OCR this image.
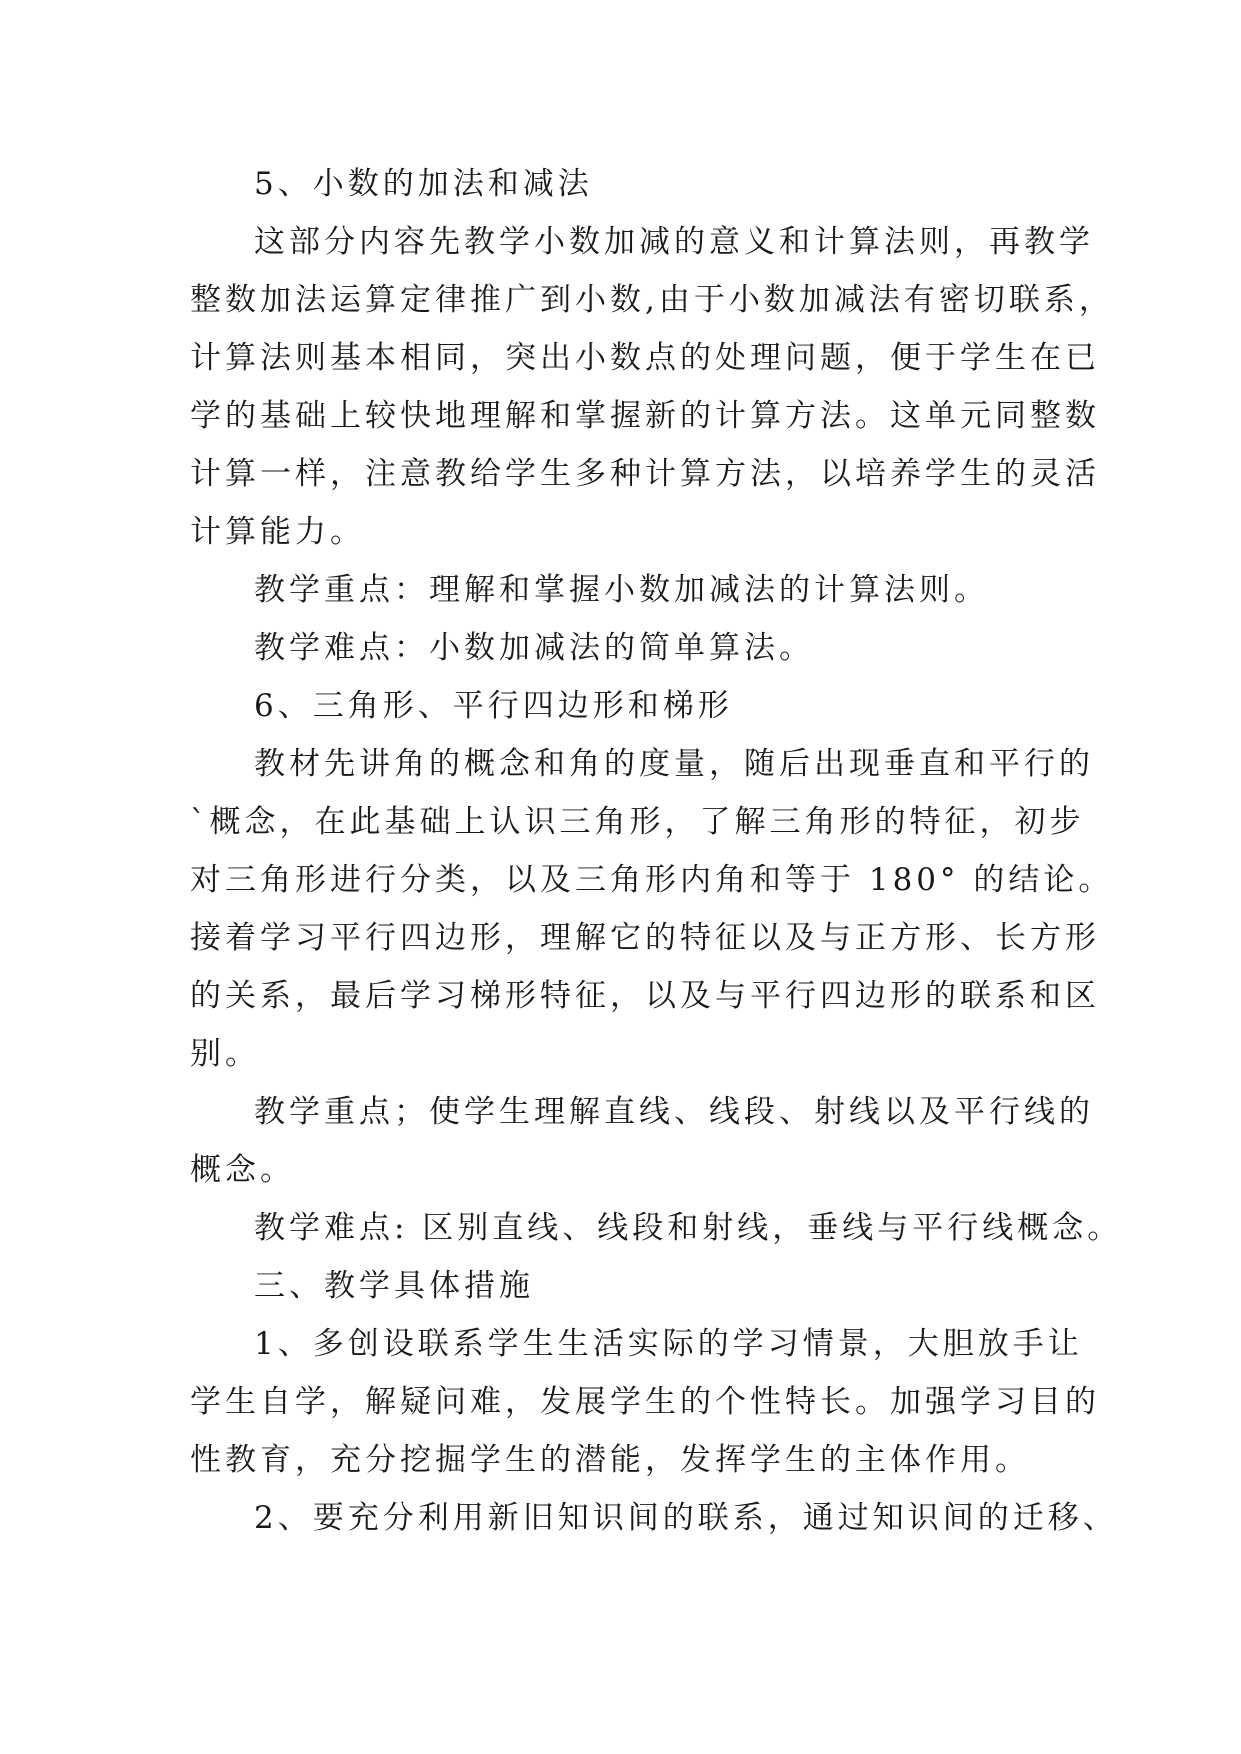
5、小数的加法和减法
这部分内容先教学小数加减的意义和计算法则，再教学
整数加法运算定律推广到小数,由于小数加减法有密切联系，
计算法则基本相同，突出小数点的处理问题，便于学生在已
学的基础上较快地理解和掌握新的计算方法。这单元同整数
计算一样，注意教给学生多种计算方法，以培养学生的灵活
计算能力。
教学重点：理解和掌握小数加减法的计算法则。
教学难点：小数加减法的简单算法。
6、三角形、平行四边形和梯形
教材先讲角的概念和角的度量，随后出现垂直和平行的
`概念，在此基础上认识三角形，了解三角形的特征，初步
对三角形进行分类，以及三角形内角和等于 180° 的结论。
接着学习平行四边形，理解它的特征以及与正方形、长方形
的关系，最后学习梯形特征，以及与平行四边形的联系和区
别。
教学重点；使学生理解直线、线段、射线以及平行线的
概念。
教学难点: 区别直线、线段和射线，垂线与平行线概念。
三、教学具体措施
1、多创设联系学生生活实际的学习情景，大胆放手让
学生自学，解疑问难，发展学生的个性特长。加强学习目的
性教育，充分挖掘学生的潜能，发挥学生的主体作用。
2、要充分利用新旧知识间的联系，通过知识间的迁移、
